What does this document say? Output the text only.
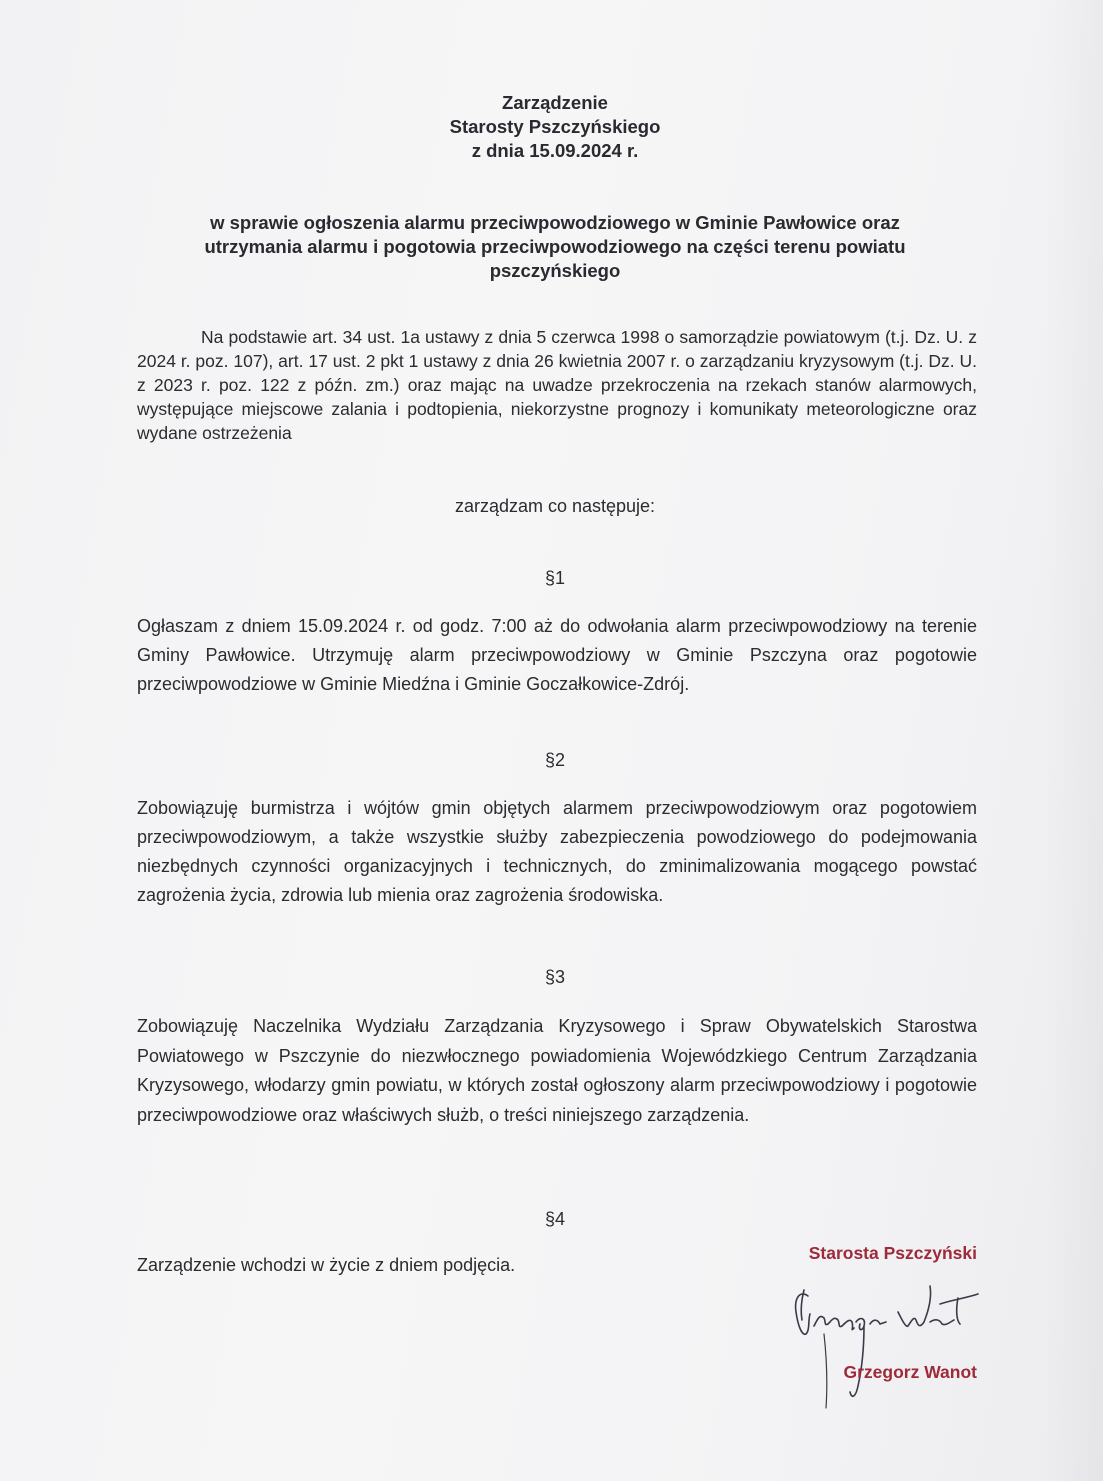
Zarządzenie
Starosty Pszczyńskiego
z dnia 15.09.2024 r.
w sprawie ogłoszenia alarmu przeciwpowodziowego w Gminie Pawłowice oraz
utrzymania alarmu i pogotowia przeciwpowodziowego na części terenu powiatu
pszczyńskiego

Na podstawie art. 34 ust. 1a ustawy z dnia 5 czerwca 1998 o samorządzie powiatowym (t.j. Dz. U. z 2024 r. poz. 107), art. 17 ust. 2 pkt 1 ustawy z dnia 26 kwietnia 2007 r. o zarządzaniu kryzysowym (t.j. Dz. U. z 2023 r. poz. 122 z późn. zm.) oraz mając na uwadze przekroczenia na rzekach stanów alarmowych, występujące miejscowe zalania i podtopienia, niekorzystne prognozy i komunikaty meteorologiczne oraz wydane ostrzeżenia

zarządzam co następuje:
§1

Ogłaszam z dniem 15.09.2024 r. od godz. 7:00 aż do odwołania alarm przeciwpowodziowy na terenie Gminy Pawłowice. Utrzymuję alarm przeciwpowodziowy w Gminie Pszczyna oraz pogotowie przeciwpowodziowe w Gminie Miedźna i Gminie Goczałkowice-Zdrój.

§2

Zobowiązuję burmistrza i wójtów gmin objętych alarmem przeciwpowodziowym oraz pogotowiem przeciwpowodziowym, a także wszystkie służby zabezpieczenia powodziowego do podejmowania niezbędnych czynności organizacyjnych i technicznych, do zminimalizowania mogącego powstać zagrożenia życia, zdrowia lub mienia oraz zagrożenia środowiska.

§3

Zobowiązuję Naczelnika Wydziału Zarządzania Kryzysowego i Spraw Obywatelskich Starostwa Powiatowego w Pszczynie do niezwłocznego powiadomienia Wojewódzkiego Centrum Zarządzania Kryzysowego, włodarzy gmin powiatu, w których został ogłoszony alarm przeciwpowodziowy i pogotowie przeciwpowodziowe oraz właściwych służb, o treści niniejszego zarządzenia.

§4

Zarządzenie wchodzi w życie z dniem podjęcia.

Starosta Pszczyński
Grzegorz Wanot
